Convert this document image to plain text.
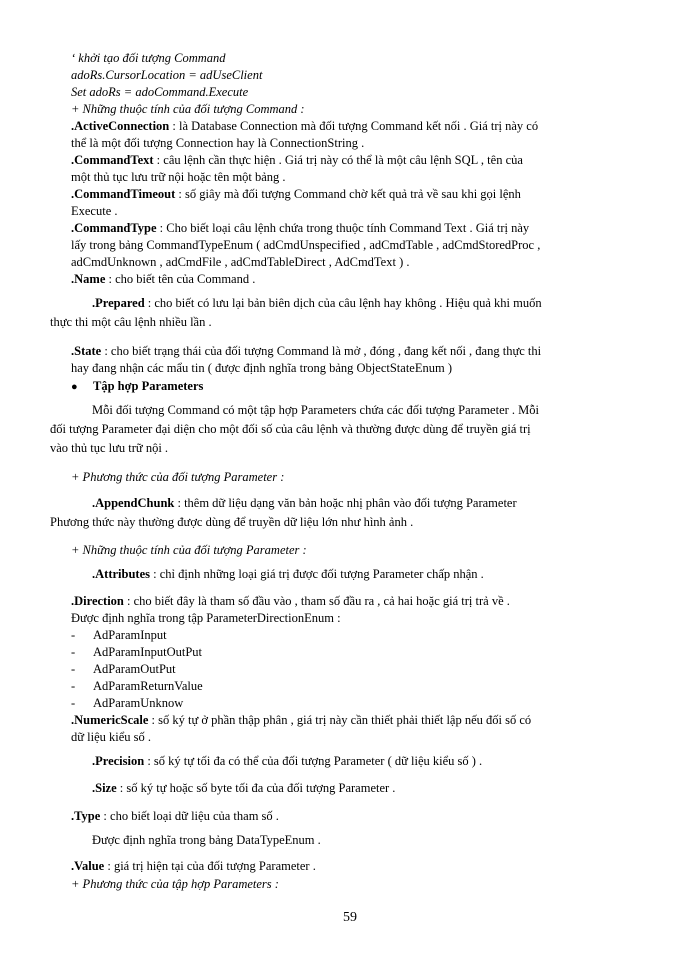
‘ khởi tạo đối tượng Command
adoRs.CursorLocation = adUseClient
Set adoRs = adoCommand.Execute
+ Những thuộc tính của đối tượng Command :
.ActiveConnection : là Database Connection mà đối tượng Command kết nối . Giá trị này có
thể là một đối tượng Connection hay là ConnectionString .
.CommandText : câu lệnh cần thực hiện . Giá trị này có thể là một câu lệnh SQL , tên của
một thủ tục lưu trữ nội hoặc tên một bảng .
.CommandTimeout : số giây mà đối tượng Command chờ kết quả trả về sau khi gọi lệnh
Execute .
.CommandType : Cho biết loại câu lệnh chứa trong thuộc tính Command Text . Giá trị này
lấy trong bảng CommandTypeEnum ( adCmdUnspecified , adCmdTable , adCmdStoredProc ,
adCmdUnknown , adCmdFile , adCmdTableDirect , AdCmdText ) .
.Name : cho biết tên của Command .
.Prepared : cho biết có lưu lại bản biên dịch của câu lệnh hay không . Hiệu quả khi muốn
thực thi một câu lệnh nhiều lần .
.State : cho biết trạng thái của đối tượng Command là mở , đóng , đang kết nối , đang thực thi
hay đang nhận các mẩu tin ( được định nghĩa trong bảng ObjectStateEnum )
● Tập hợp Parameters
Mỗi đối tượng Command có một tập hợp Parameters chứa các đối tượng Parameter . Mỗi
đối tượng Parameter đại diện cho một đối số của câu lệnh và thường được dùng để truyền giá trị
vào thủ tục lưu trữ nội .
+ Phương thức của đối tượng Parameter :
.AppendChunk : thêm dữ liệu dạng văn bản hoặc nhị phân vào đối tượng Parameter
Phương thức này thường được dùng để truyền dữ liệu lớn như hình ảnh .
+ Những thuộc tính của đối tượng Parameter :
.Attributes : chỉ định những loại giá trị được đối tượng Parameter chấp nhận .
.Direction : cho biết đây là tham số đầu vào , tham số đầu ra , cả hai hoặc giá trị trả về .
Được định nghĩa trong tập ParameterDirectionEnum :
- AdParamInput
- AdParamInputOutPut
- AdParamOutPut
- AdParamReturnValue
- AdParamUnknow
.NumericScale : số ký tự ở phần thập phân , giá trị này cần thiết phải thiết lập nếu đối số có
dữ liệu kiểu số .
.Precision : số ký tự tối đa có thể của đối tượng Parameter ( dữ liệu kiểu số ) .
.Size : số ký tự hoặc số byte tối đa của đối tượng Parameter .
.Type : cho biết loại dữ liệu của tham số .
Được định nghĩa trong bảng DataTypeEnum .
.Value : giá trị hiện tại của đối tượng Parameter .
+ Phương thức của tập hợp Parameters :
59
